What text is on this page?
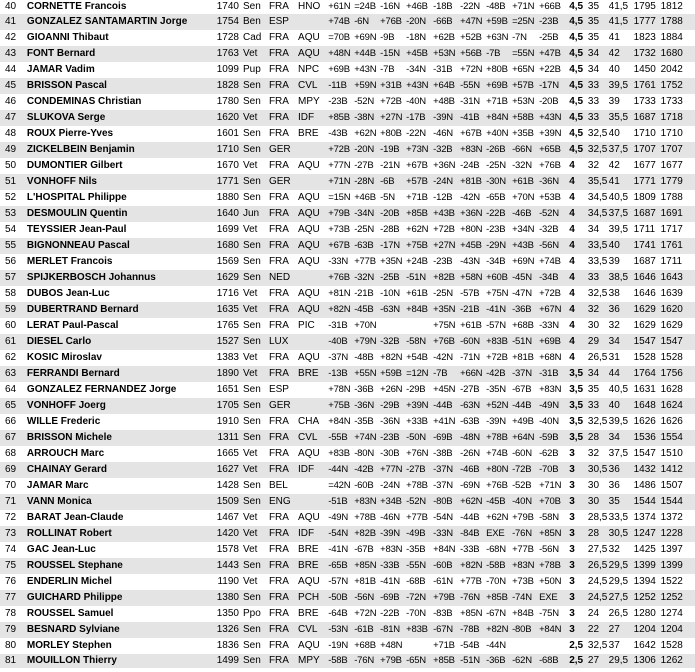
40	CORNETTE Francois	1740	Sen	FRA	HNO	+61N	=24B	-16N	+46B	-18B	-22N	-48B	+71N	+66B	4,5	35	41,5	1795	1812
41	GONZALEZ SANTAMARTIN Jorge	1754	Ben	ESP		+74B	-6N	+76B	-20N	-66B	+47N	+59B	=25N	-23B	4,5	35	41,5	1777	1788
42	GIOANNI Thibaut	1728	Cad	FRA	AQU	=70B	+69N	-9B	-18N	+62B	+52B	+63N	-7N	-25B	4,5	35	41	1823	1884
43	FONT Bernard	1763	Vet	FRA	AQU	+48N	+44B	-15N	+45B	+53N	+56B	-7B	=55N	+47B	4,5	34	42	1732	1680
44	JAMAR Vadim	1099	Pup	FRA	NPC	+69B	+43N	-7B	-34N	-31B	+72N	+80B	+65N	+22B	4,5	34	40	1450	2042
45	BRISSON Pascal	1828	Sen	FRA	CVL	-11B	+59N	+31B	+43N	+64B	-55N	+69B	+57B	-17N	4,5	33	39,5	1761	1752
46	CONDEMINAS Christian	1780	Sen	FRA	MPY	-23B	-52N	+72B	-40N	+48B	-31N	+71B	+53N	-20B	4,5	33	39	1733	1733
47	SLUKOVA Serge	1620	Vet	FRA	IDF	+85B	-38N	+27N	-17B	-39N	-41B	+84N	+58B	+43N	4,5	33	35,5	1687	1718
48	ROUX Pierre-Yves	1601	Sen	FRA	BRE	-43B	+62N	+80B	-22N	-46N	+67B	+40N	+35B	+39N	4,5	32,5	40	1710	1710
49	ZICKELBEIN Benjamin	1710	Sen	GER		+72B	-20N	-19B	+73N	-32B	+83N	-26B	-66N	+65B	4,5	32,5	37,5	1707	1707
50	DUMONTIER Gilbert	1670	Vet	FRA	AQU	+77N	-27B	-21N	+67B	+36N	-24B	-25N	-32N	+76B	4	32	42	1677	1677
51	VONHOFF Nils	1771	Sen	GER		+71N	-28N	-6B	+57B	-24N	+81B	-30N	+61B	-36N	4	35,5	41	1771	1779
52	L'HOSPITAL Philippe	1880	Sen	FRA	AQU	=15N	+46B	-5N	+71B	-12B	-42N	-65B	+70N	+53B	4	34,5	40,5	1809	1788
53	DESMOULIN Quentin	1640	Jun	FRA	AQU	+79B	-34N	-20B	+85B	+43B	+36N	-22B	-46B	-52N	4	34,5	37,5	1687	1691
54	TEYSSIER Jean-Paul	1699	Vet	FRA	AQU	+73B	-25N	-28B	+62N	+72B	+80N	-23B	+34N	-32B	4	34	39,5	1711	1717
55	BIGNONNEAU Pascal	1680	Sen	FRA	AQU	+67B	-63B	-17N	+75B	+27N	+45B	-29N	+43B	-56N	4	33,5	40	1741	1761
56	MERLET Francois	1569	Sen	FRA	AQU	-33N	+77B	+35N	+24B	-23B	-43N	-34B	+69N	+74B	4	33,5	39	1687	1711
57	SPIJKERBOSCH Johannus	1629	Sen	NED		+76B	-32N	-25B	-51N	+82B	+58N	+60B	-45N	-34B	4	33	38,5	1646	1643
58	DUBOS Jean-Luc	1716	Vet	FRA	AQU	+81N	-21B	-10N	+61B	-25N	-57B	+75N	-47N	+72B	4	32,5	38	1646	1639
59	DUBERTRAND Bernard	1635	Vet	FRA	AQU	+82N	-45B	-63N	+84B	+35N	-21B	-41N	-36B	+67N	4	32	36	1629	1620
60	LERAT Paul-Pascal	1765	Sen	FRA	PIC	-31B	+70N			+75N	+61B	-57N	+68B	-33N	4	30	32	1629	1629
61	DIESEL Carlo	1527	Sen	LUX		-40B	+79N	-32B	-58N	+76B	-60N	+83B	-51N	+69B	4	29	34	1547	1547
62	KOSIC Miroslav	1383	Vet	FRA	AQU	-37N	-48B	+82N	+54B	-42N	-71N	+72B	+81B	+68N	4	26,5	31	1528	1528
63	FERRANDI Bernard	1890	Vet	FRA	BRE	-13B	+55N	+59B	=12N	-7B	+66N	-42B	-37N	-31B	3,5	34	44	1764	1756
64	GONZALEZ FERNANDEZ Jorge	1651	Sen	ESP		+78N	-36B	+26N	-29B	+45N	-27B	-35N	-67B	+83N	3,5	35	40,5	1631	1628
65	VONHOFF Joerg	1705	Sen	GER		+75B	-36N	-29B	+39N	-44B	-63N	+52N	-44B	-49N	3,5	33	40	1648	1624
66	WILLE Frederic	1910	Sen	FRA	CHA	+84N	-35B	-36N	+33B	+41N	-63B	-39N	+49B	-40N	3,5	32,5	39,5	1626	1626
67	BRISSON Michele	1311	Sen	FRA	CVL	-55B	+74N	-23B	-50N	-69B	-48N	+78B	+64N	-59B	3,5	28	34	1536	1554
68	ARROUCH Marc	1665	Vet	FRA	AQU	+83B	-80N	-30B	+76N	-38B	-26N	+74B	-60N	-62B	3	32	37,5	1547	1510
69	CHAINAY Gerard	1627	Vet	FRA	IDF	-44N	-42B	+77N	-27B	-37N	-46B	+80N	-72B	-70B	3	30,5	36	1432	1412
70	JAMAR Marc	1428	Sen	BEL		=42N	-60B	-24N	+78B	-37N	-69N	+76B	-52B	+71N	3	30	36	1486	1507
71	VANN Monica	1509	Sen	ENG		-51B	+83N	+34B	-52N	-80B	+62N	-45B	-40N	+70B	3	30	35	1544	1544
72	BARAT Jean-Claude	1467	Vet	FRA	AQU	-49N	+78B	-46N	+77B	-54N	-44B	+62N	+79B	-58N	3	28,5	33,5	1374	1372
73	ROLLINAT Robert	1420	Vet	FRA	IDF	-54N	+82B	-39N	-49B	-33N	-84B	EXE	-76N	+85N	3	28	30,5	1247	1228
74	GAC Jean-Luc	1578	Vet	FRA	BRE	-41N	-67B	+83N	-35B	+84N	-33B	-68N	+77B	-56N	3	27,5	32	1425	1397
75	ROUSSEL Stephane	1443	Sen	FRA	BRE	-65B	+85N	-33B	-55N	-60B	+82N	-58B	+83N	+78B	3	26,5	29,5	1399	1399
76	ENDERLIN Michel	1190	Vet	FRA	AQU	-57N	+81B	-41N	-68B	-61N	+77B	-70N	+73B	+50N	3	24,5	29,5	1394	1522
77	GUICHARD Philippe	1380	Sen	FRA	PCH	-50B	-56N	-69B	-72N	+79B	-76N	+85B	-74N	EXE	3	24,5	27,5	1252	1252
78	ROUSSEL Samuel	1350	Ppo	FRA	BRE	-64B	+72N	-22B	-70N	-83B	+85N	-67N	+84B	-75N	3	24	26,5	1280	1274
79	BESNARD Sylviane	1326	Sen	FRA	CVL	-53N	-61B	-81N	+83B	-67N	-78B	+82N	-80B	+84N	3	22	27	1204	1204
80	MORLEY Stephen	1836	Sen	FRA	AQU	-19N	+68B	+48N		+71B	-54B	-44N			2,5	32,5	37	1642	1528
81	MOUILLON Thierry	1499	Sen	FRA	MPY	-58B	-76N	+79B	-65N	+85B	-51N	-36B	-62N	-68B	2,5	27	29,5	1306	1262
